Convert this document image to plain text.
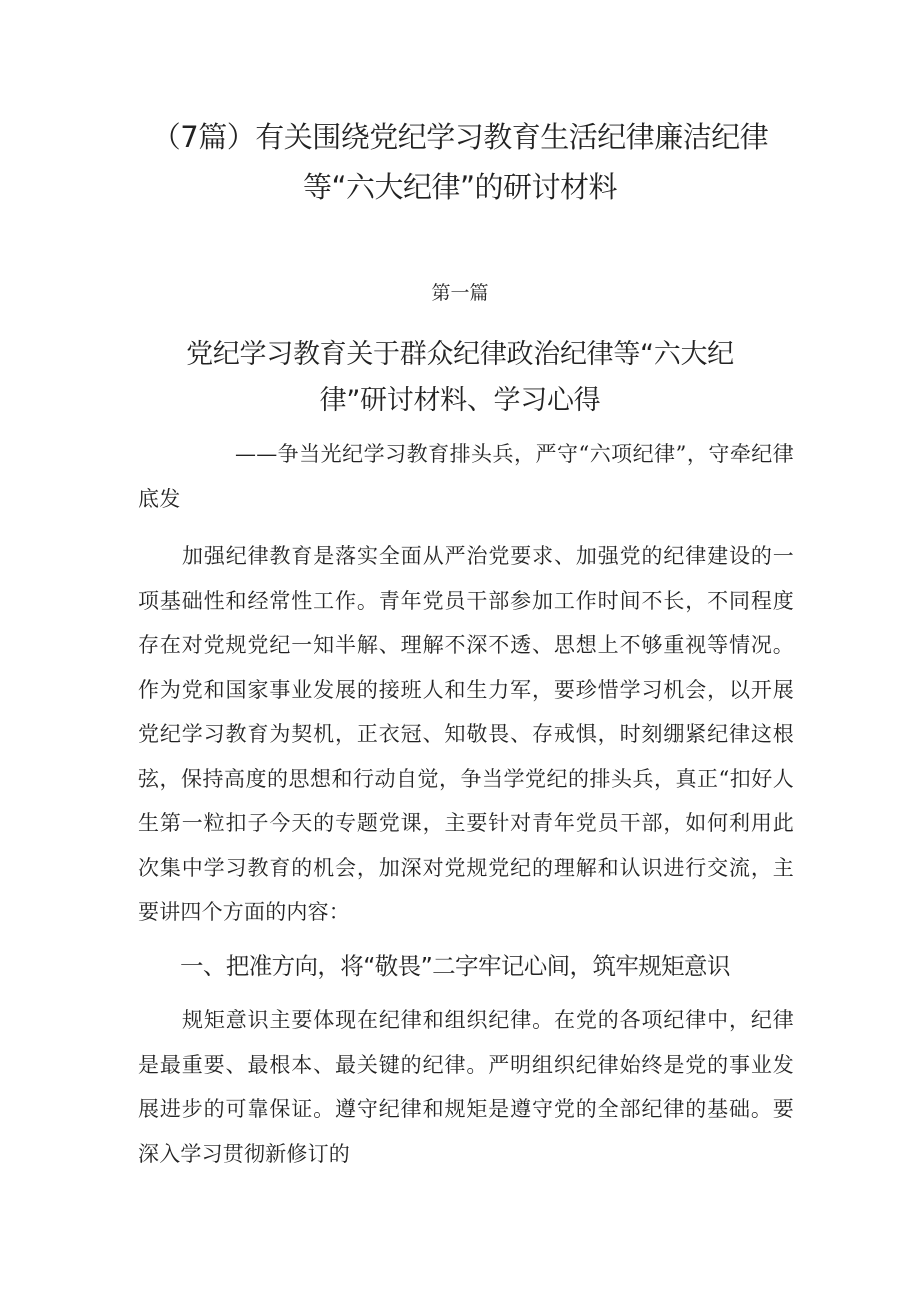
（7篇）有关围绕党纪学习教育生活纪律廉洁纪律
等“六大纪律”的研讨材料
第一篇
党纪学习教育关于群众纪律政治纪律等“六大纪
律”研讨材料、学习心得

——争当光纪学习教育排头兵，严守“六项纪律”，守牵纪律底发

加强纪律教育是落实全面从严治党要求、加强党的纪律建设的一项基础性和经常性工作。青年党员干部参加工作时间不长，不同程度存在对党规党纪一知半解、理解不深不透、思想上不够重视等情况。作为党和国家事业发展的接班人和生力军，要珍惜学习机会，以开展党纪学习教育为契机，正衣冠、知敬畏、存戒惧，时刻绷紧纪律这根弦，保持高度的思想和行动自觉，争当学党纪的排头兵，真正“扣好人生第一粒扣子今天的专题党课，主要针对青年党员干部，如何利用此次集中学习教育的机会，加深对党规党纪的理解和认识进行交流，主要讲四个方面的内容：

一、把准方向，将“敬畏”二字牢记心间，筑牢规矩意识

规矩意识主要体现在纪律和组织纪律。在党的各项纪律中，纪律是最重要、最根本、最关键的纪律。严明组织纪律始终是党的事业发展进步的可靠保证。遵守纪律和规矩是遵守党的全部纪律的基础。要深入学习贯彻新修订的
